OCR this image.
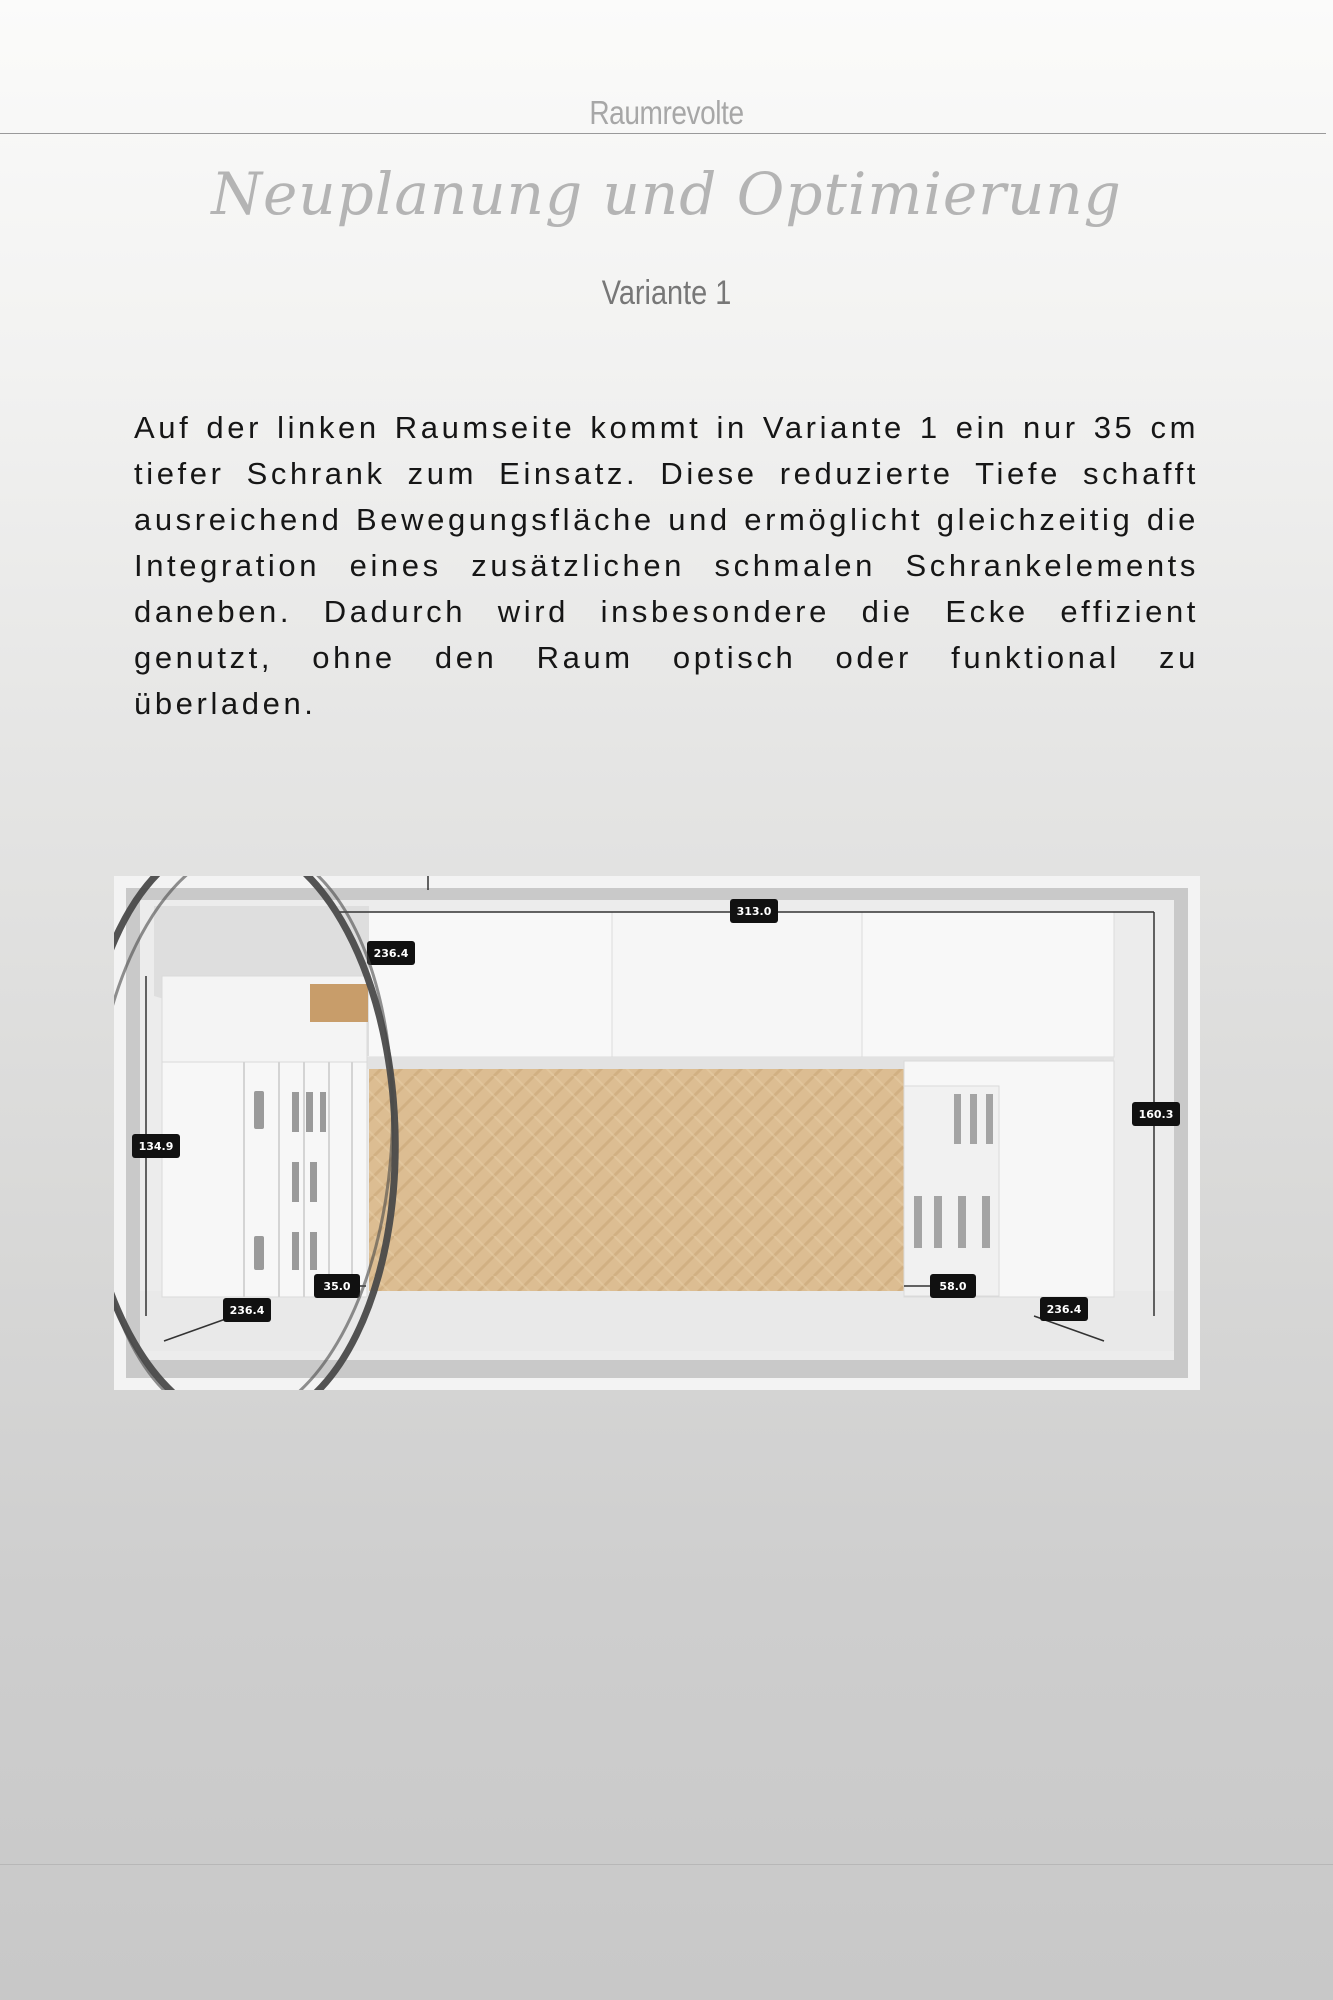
Raumrevolte
Neuplanung und Optimierung
Variante 1
Auf der linken Raumseite kommt in Variante 1 ein nur 35 cm tiefer Schrank zum Einsatz. Diese reduzierte Tiefe schafft ausreichend Bewegungsfläche und ermöglicht gleichzeitig die Integration eines zusätzlichen schmalen Schrankelements daneben. Dadurch wird insbesondere die Ecke effizient genutzt, ohne den Raum optisch oder funktional zu überladen.
313.0
236.4
134.9
236.4
35.0
160.3
58.0
236.4
